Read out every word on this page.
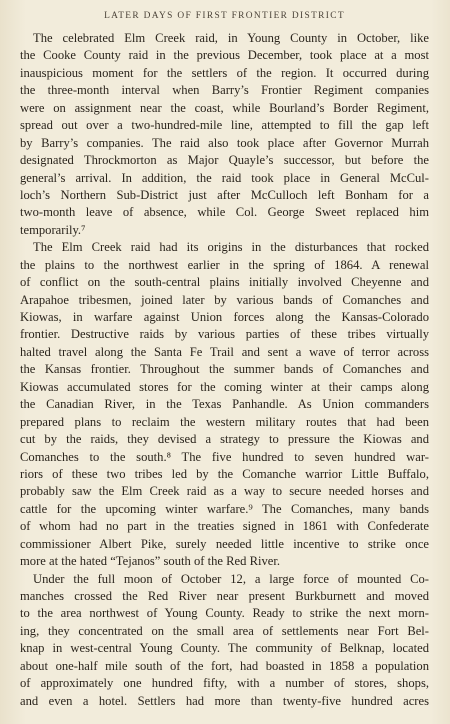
LATER DAYS OF FIRST FRONTIER DISTRICT
The celebrated Elm Creek raid, in Young County in October, like
the Cooke County raid in the previous December, took place at a most
inauspicious moment for the settlers of the region. It occurred during
the three-month interval when Barry’s Frontier Regiment companies
were on assignment near the coast, while Bourland’s Border Regiment,
spread out over a two-hundred-mile line, attempted to fill the gap left
by Barry’s companies. The raid also took place after Governor Murrah
designated Throckmorton as Major Quayle’s successor, but before the
general’s arrival. In addition, the raid took place in General McCul-
loch’s Northern Sub-District just after McCulloch left Bonham for a
two-month leave of absence, while Col. George Sweet replaced him
temporarily.⁷
The Elm Creek raid had its origins in the disturbances that rocked
the plains to the northwest earlier in the spring of 1864. A renewal
of conflict on the south-central plains initially involved Cheyenne and
Arapahoe tribesmen, joined later by various bands of Comanches and
Kiowas, in warfare against Union forces along the Kansas-Colorado
frontier. Destructive raids by various parties of these tribes virtually
halted travel along the Santa Fe Trail and sent a wave of terror across
the Kansas frontier. Throughout the summer bands of Comanches and
Kiowas accumulated stores for the coming winter at their camps along
the Canadian River, in the Texas Panhandle. As Union commanders
prepared plans to reclaim the western military routes that had been
cut by the raids, they devised a strategy to pressure the Kiowas and
Comanches to the south.⁸ The five hundred to seven hundred war-
riors of these two tribes led by the Comanche warrior Little Buffalo,
probably saw the Elm Creek raid as a way to secure needed horses and
cattle for the upcoming winter warfare.⁹ The Comanches, many bands
of whom had no part in the treaties signed in 1861 with Confederate
commissioner Albert Pike, surely needed little incentive to strike once
more at the hated “Tejanos” south of the Red River.
Under the full moon of October 12, a large force of mounted Co-
manches crossed the Red River near present Burkburnett and moved
to the area northwest of Young County. Ready to strike the next morn-
ing, they concentrated on the small area of settlements near Fort Bel-
knap in west-central Young County. The community of Belknap, located
about one-half mile south of the fort, had boasted in 1858 a population
of approximately one hundred fifty, with a number of stores, shops,
and even a hotel. Settlers had more than twenty-five hundred acres
